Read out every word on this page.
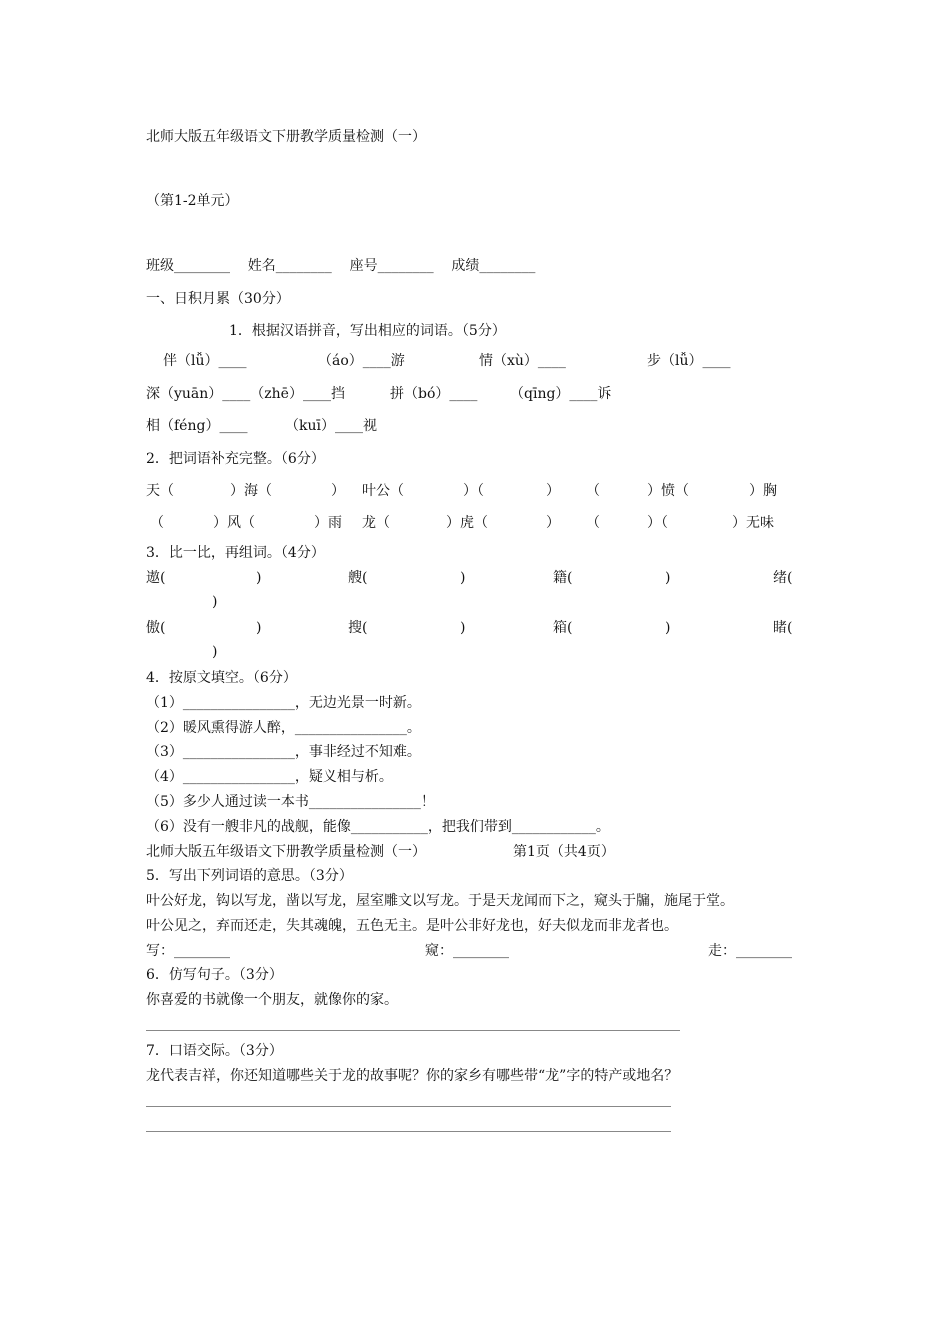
北师大版五年级语文下册教学质量检测（一）
（第1-2单元）
班级________    姓名________    座号________    成绩________
一、日积月累（30分）
1．根据汉语拼音，写出相应的词语。（5分）
伴（lǚ）____	（áo）____游	情（xù）____	步（lǚ）____
深（yuān）____（zhē）____挡	拼（bó）____ （qīng）____诉
相（féng）____	（kuī）____视
2．把词语补充完整。（6分）
天（	）海（	） 叶公（	）（	） （	）愤（	）胸
（	）风（	）雨 龙（	）虎（	） （	）（	）无味
3．比一比，再组词。（4分）
遨(	)	艘(	)	籍(	)	绪(
)
傲(	)	搜(	)	箱(	)	睹(
)
4．按原文填空。（6分）
（1）________________，无边光景一时新。
（2）暖风熏得游人醉，________________。
（3）________________，事非经过不知难。
（4）________________，疑义相与析。
（5）多少人通过读一本书________________！
（6）没有一艘非凡的战舰，能像___________，把我们带到____________。
北师大版五年级语文下册教学质量检测（一）	第1页（共4页）
5．写出下列词语的意思。（3分）
叶公好龙，钩以写龙，凿以写龙，屋室雕文以写龙。于是天龙闻而下之，窥头于牖，施尾于堂。
叶公见之，弃而还走，失其魂魄，五色无主。是叶公非好龙也，好夫似龙而非龙者也。
写：________	窥：________	走：________
6．仿写句子。（3分）
你喜爱的书就像一个朋友，就像你的家。
7．口语交际。（3分）
龙代表吉祥，你还知道哪些关于龙的故事呢？你的家乡有哪些带“龙”字的特产或地名？
